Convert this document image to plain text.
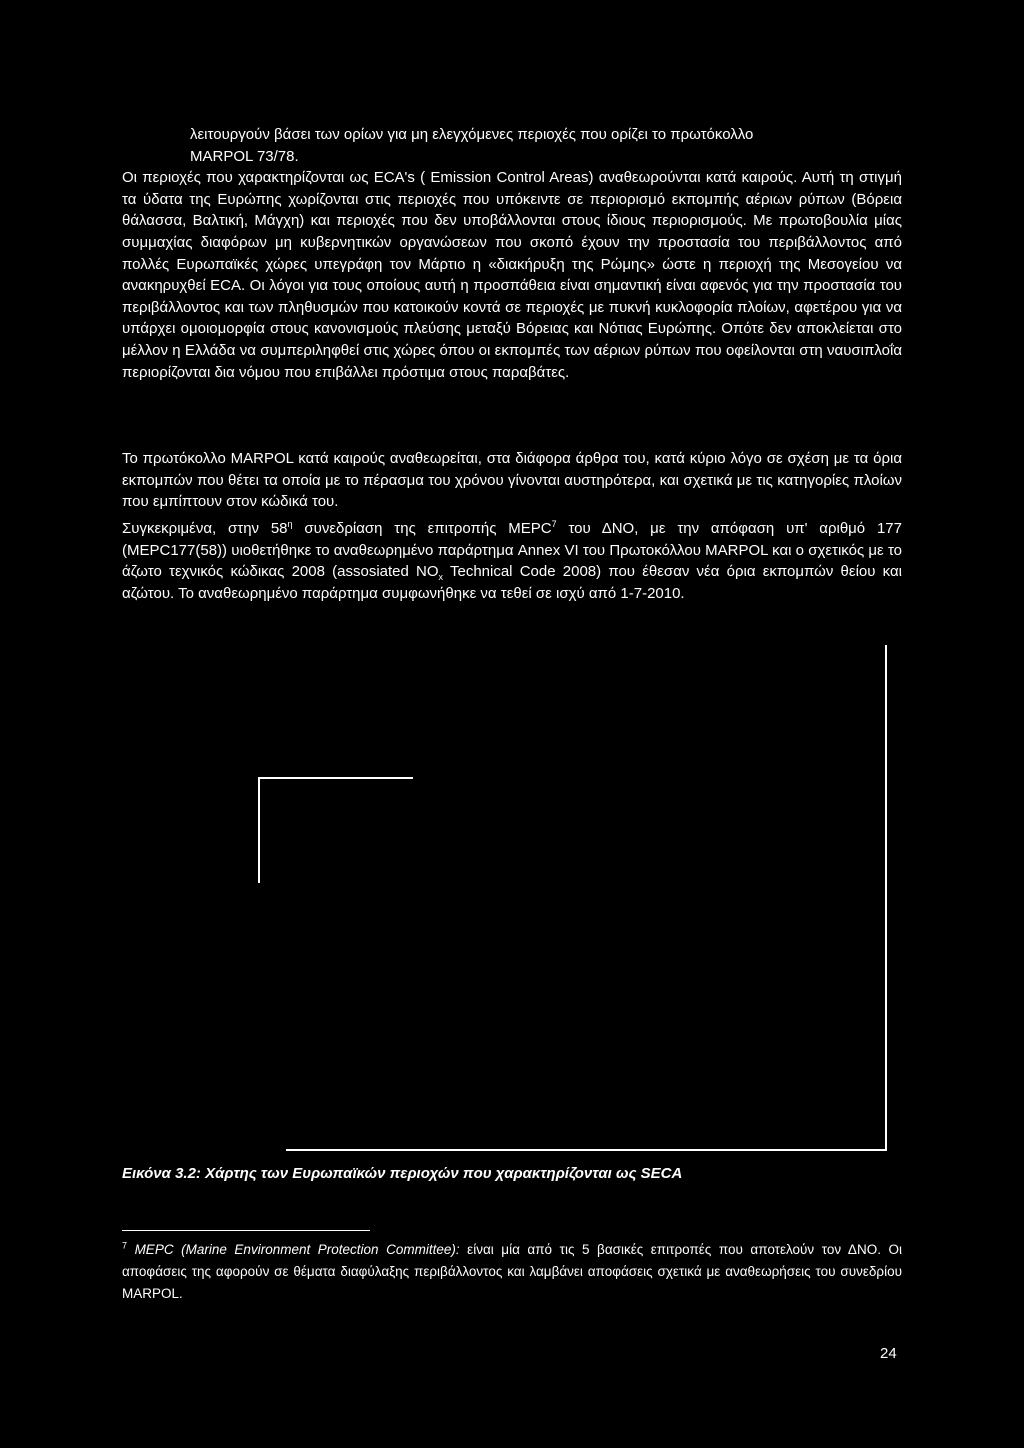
λειτουργούν βάσει των ορίων για μη ελεγχόμενες περιοχές που ορίζει το πρωτόκολλο

MARPOL 73/78.

Οι περιοχές που χαρακτηρίζονται ως ECA's ( Emission Control Areas) αναθεωρούνται κατά καιρούς. Αυτή τη στιγμή τα ύδατα της Ευρώπης χωρίζονται στις περιοχές που υπόκειντε σε περιορισμό εκπομπής αέριων ρύπων (Βόρεια θάλασσα, Βαλτική, Μάγχη) και περιοχές που δεν υποβάλλονται στους ίδιους περιορισμούς. Με πρωτοβουλία μίας συμμαχίας διαφόρων μη κυβερνητικών οργανώσεων που σκοπό έχουν την προστασία του περιβάλλοντος από πολλές Ευρωπαϊκές χώρες υπεγράφη τον Μάρτιο η «διακήρυξη της Ρώμης» ώστε η περιοχή της Μεσογείου να ανακηρυχθεί ECA. Οι λόγοι για τους οποίους αυτή η προσπάθεια είναι σημαντική είναι αφενός για την προστασία του περιβάλλοντος και των πληθυσμών που κατοικούν κοντά σε περιοχές με πυκνή κυκλοφορία πλοίων, αφετέρου για να υπάρχει ομοιομορφία στους κανονισμούς πλεύσης μεταξύ Βόρειας και Νότιας Ευρώπης. Οπότε δεν αποκλείεται στο μέλλον η Ελλάδα να συμπεριληφθεί στις χώρες όπου οι εκπομπές των αέριων ρύπων που οφείλονται στη ναυσιπλοΐα περιορίζονται δια νόμου που επιβάλλει πρόστιμα στους παραβάτες.

Το πρωτόκολλο MARPOL κατά καιρούς αναθεωρείται, στα διάφορα άρθρα του, κατά κύριο λόγο σε σχέση με τα όρια εκπομπών που θέτει τα οποία με το πέρασμα του χρόνου γίνονται αυστηρότερα, και σχετικά με τις κατηγορίες πλοίων που εμπίπτουν στον κώδικά του.

Συγκεκριμένα, στην $58^\eta$ συνεδρίαση της επιτροπής MEPC$^7$ του ΔΝΟ, με την απόφαση υπ' αριθμό 177 (MEPC177(58)) υιοθετήθηκε το αναθεωρημένο παράρτημα Annex VI του Πρωτοκόλλου MARPOL και ο σχετικός με το άζωτο τεχνικός κώδικας 2008 (assosiated $NO_x$ Technical Code 2008) που έθεσαν νέα όρια εκπομπών θείου και αζώτου. Το αναθεωρημένο παράρτημα συμφωνήθηκε να τεθεί σε ισχύ από 1-7-2010.

Εικόνα 3.2: Χάρτης των Ευρωπαϊκών περιοχών που χαρακτηρίζονται ως SECA
$^7$ MEPC (Marine Environment Protection Committee): είναι μία από τις 5 βασικές επιτροπές που αποτελούν τον ΔΝΟ. Οι αποφάσεις της αφορούν σε θέματα διαφύλαξης περιβάλλοντος και λαμβάνει αποφάσεις σχετικά με αναθεωρήσεις του συνεδρίου MARPOL.
24
